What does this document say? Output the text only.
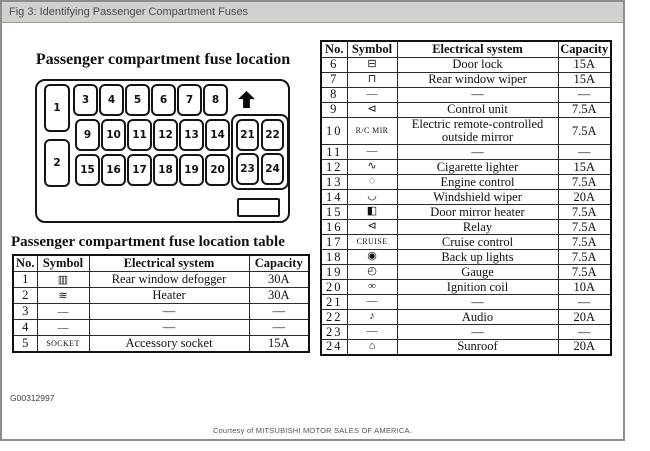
Fig 3: Identifying Passenger Compartment Fuses
Passenger compartment fuse location
1
2
3	4	5	6	7	8
9	10	11	12	13	14
15	16	17	18	19	20
21 22
23 24
Passenger compartment fuse location table
No.	Symbol	Electrical system	Capacity
1	▥	Rear window defogger	30A
2	≋	Heater	30A
3	—	—	—
4	—	—	—
5	SOCKET	Accessory socket	15A
No.	Symbol	Electrical system	Capacity
6	⊟	Door lock	15A
7	⊓	Rear window wiper	15A
8	—	—	—
9	⊲	Control unit	7.5A
10	R/C MIR	Electric remote-controlled outside mirror	7.5A
11	—	—	—
12	∿	Cigarette lighter	15A
13	◌	Engine control	7.5A
14	◡	Windshield wiper	20A
15	◧	Door mirror heater	7.5A
16	⊲	Relay	7.5A
17	CRUISE	Cruise control	7.5A
18	◉	Back up lights	7.5A
19	◴	Gauge	7.5A
20	∞	Ignition coil	10A
21	—	—	—
22	♪	Audio	20A
23	—	—	—
24	⌂	Sunroof	20A
G00312997
Courtesy of MITSUBISHI MOTOR SALES OF AMERICA.
